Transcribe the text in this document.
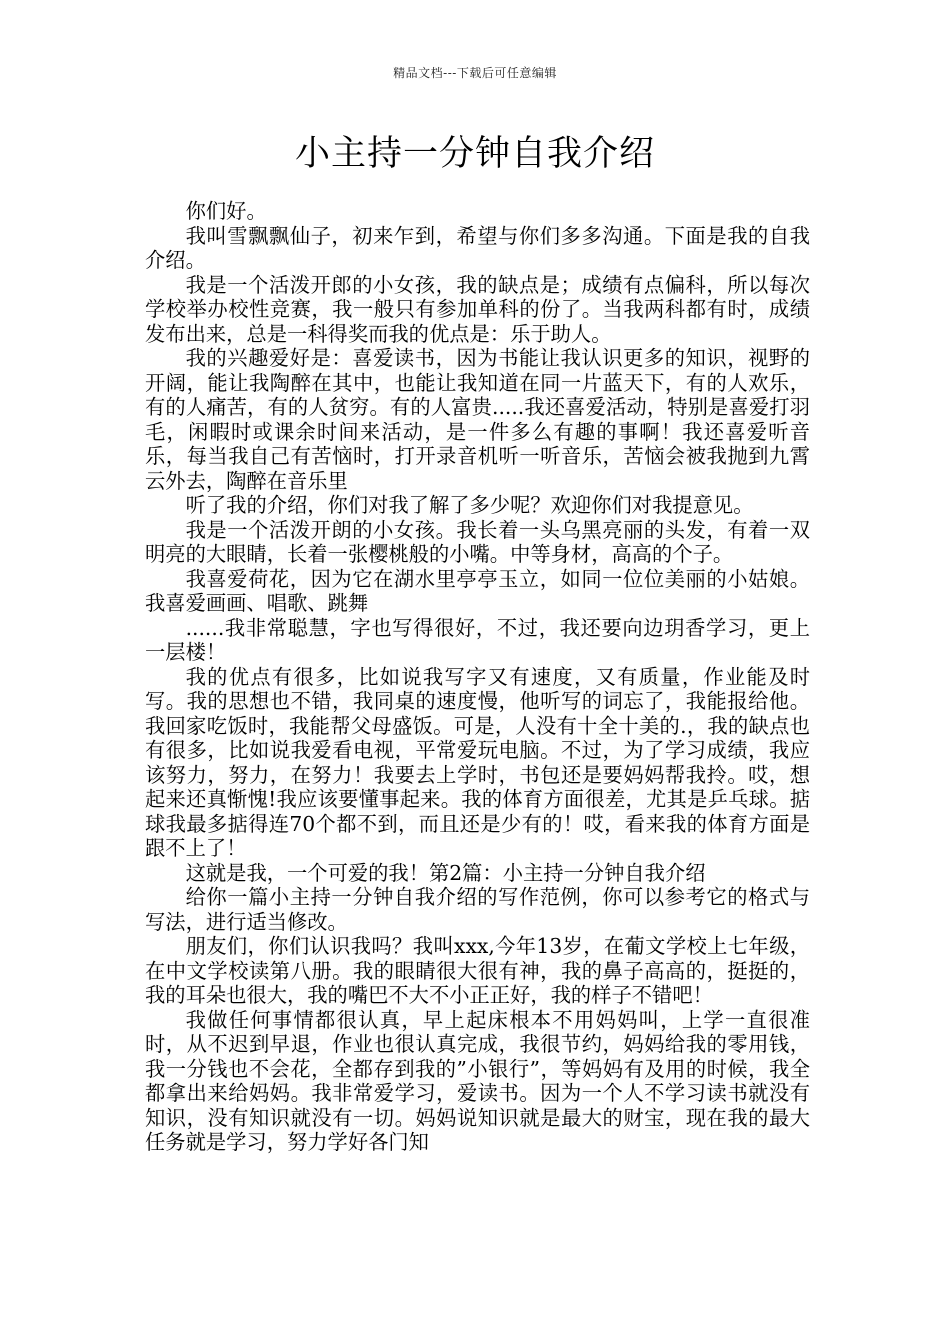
精品文档---下载后可任意编辑
小主持一分钟自我介绍

你们好。

我叫雪飘飘仙子，初来乍到，希望与你们多多沟通。下面是我的自我介绍。

我是一个活泼开郎的小女孩，我的缺点是；成绩有点偏科，所以每次学校举办校性竞赛，我一般只有参加单科的份了。当我两科都有时，成绩发布出来，总是一科得奖而我的优点是：乐于助人。

我的兴趣爱好是：喜爱读书，因为书能让我认识更多的知识，视野的开阔，能让我陶醉在其中，也能让我知道在同一片蓝天下，有的人欢乐，有的人痛苦，有的人贫穷。有的人富贵.....我还喜爱活动，特别是喜爱打羽毛，闲暇时或课余时间来活动，是一件多么有趣的事啊！我还喜爱听音乐，每当我自己有苦恼时，打开录音机听一听音乐，苦恼会被我抛到九霄云外去，陶醉在音乐里

听了我的介绍，你们对我了解了多少呢？欢迎你们对我提意见。

我是一个活泼开朗的小女孩。我长着一头乌黑亮丽的头发，有着一双明亮的大眼睛，长着一张樱桃般的小嘴。中等身材，高高的个子。

我喜爱荷花，因为它在湖水里亭亭玉立，如同一位位美丽的小姑娘。我喜爱画画、唱歌、跳舞

......我非常聪慧，字也写得很好，不过，我还要向边玥香学习，更上一层楼！

我的优点有很多，比如说我写字又有速度，又有质量，作业能及时写。我的思想也不错，我同桌的速度慢，他听写的词忘了，我能报给他。我回家吃饭时，我能帮父母盛饭。可是，人没有十全十美的.，我的缺点也有很多，比如说我爱看电视，平常爱玩电脑。不过，为了学习成绩，我应该努力，努力，在努力！我要去上学时，书包还是要妈妈帮我拎。哎，想起来还真惭愧!我应该要懂事起来。我的体育方面很差，尤其是乒乓球。掂球我最多掂得连70个都不到，而且还是少有的！哎，看来我的体育方面是跟不上了！

这就是我，一个可爱的我！第2篇：小主持一分钟自我介绍

给你一篇小主持一分钟自我介绍的写作范例，你可以参考它的格式与写法，进行适当修改。

朋友们，你们认识我吗？我叫xxx,今年13岁，在葡文学校上七年级，在中文学校读第八册。我的眼睛很大很有神，我的鼻子高高的，挺挺的，我的耳朵也很大，我的嘴巴不大不小正正好，我的样子不错吧！

我做任何事情都很认真，早上起床根本不用妈妈叫，上学一直很准时，从不迟到早退，作业也很认真完成，我很节约，妈妈给我的零用钱，我一分钱也不会花，全都存到我的”小银行”，等妈妈有及用的时候，我全都拿出来给妈妈。我非常爱学习，爱读书。因为一个人不学习读书就没有知识，没有知识就没有一切。妈妈说知识就是最大的财宝，现在我的最大任务就是学习，努力学好各门知
